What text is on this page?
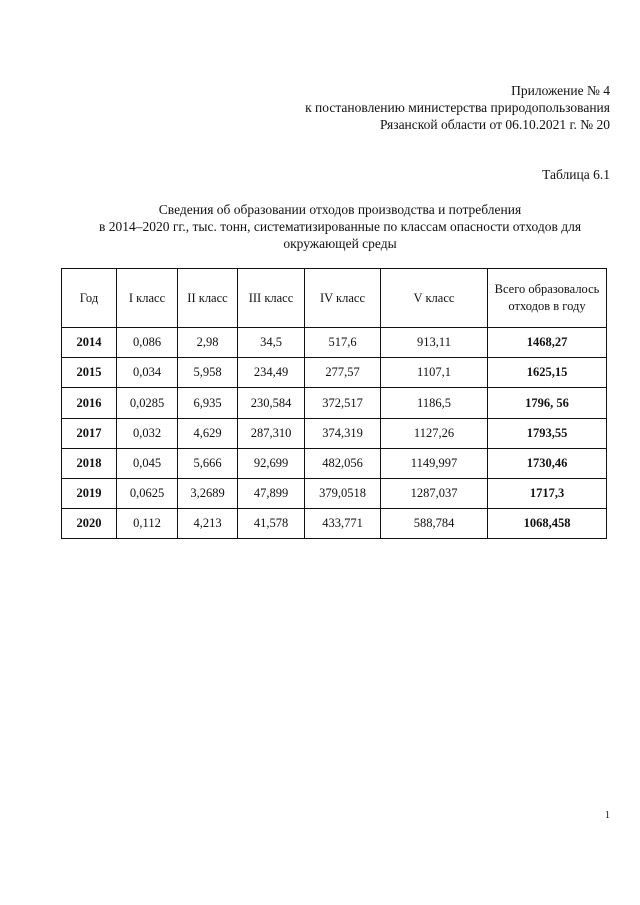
Приложение № 4
к постановлению министерства природопользования
Рязанской области от 06.10.2021 г. № 20
Таблица 6.1
Сведения об образовании отходов производства и потребления
в 2014–2020 гг., тыс. тонн, систематизированные по классам опасности отходов для
окружающей среды
Год	I класс	II класс	III класс	IV класс	V класс	Всего образовалось отходов в году
2014	0,086	2,98	34,5	517,6	913,11	1468,27
2015	0,034	5,958	234,49	277,57	1107,1	1625,15
2016	0,0285	6,935	230,584	372,517	1186,5	1796, 56
2017	0,032	4,629	287,310	374,319	1127,26	1793,55
2018	0,045	5,666	92,699	482,056	1149,997	1730,46
2019	0,0625	3,2689	47,899	379,0518	1287,037	1717,3
2020	0,112	4,213	41,578	433,771	588,784	1068,458
1
